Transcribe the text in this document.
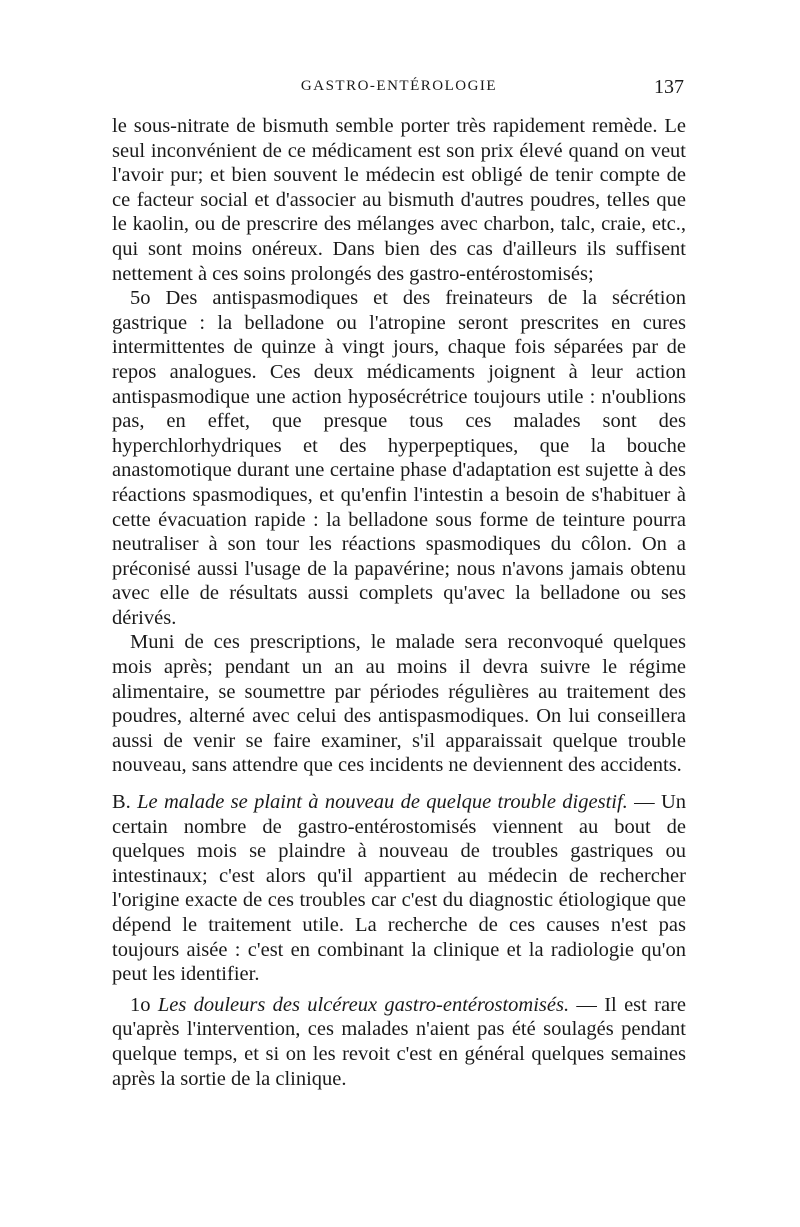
GASTRO-ENTÉROLOGIE	137

le sous-nitrate de bismuth semble porter très rapidement remède. Le seul inconvénient de ce médicament est son prix élevé quand on veut l'avoir pur; et bien souvent le médecin est obligé de tenir compte de ce facteur social et d'associer au bismuth d'autres poudres, telles que le kaolin, ou de prescrire des mélanges avec charbon, talc, craie, etc., qui sont moins onéreux. Dans bien des cas d'ailleurs ils suffisent nettement à ces soins prolongés des gastro-entérostomisés;

5o Des antispasmodiques et des freinateurs de la sécrétion gastrique : la belladone ou l'atropine seront prescrites en cures intermittentes de quinze à vingt jours, chaque fois séparées par de repos analogues. Ces deux médicaments joignent à leur action antispasmodique une action hyposécrétrice toujours utile : n'oublions pas, en effet, que presque tous ces malades sont des hyperchlorhydriques et des hyperpeptiques, que la bouche anastomotique durant une certaine phase d'adaptation est sujette à des réactions spasmodiques, et qu'enfin l'intestin a besoin de s'habituer à cette évacuation rapide : la belladone sous forme de teinture pourra neutraliser à son tour les réactions spasmodiques du côlon. On a préconisé aussi l'usage de la papavérine; nous n'avons jamais obtenu avec elle de résultats aussi complets qu'avec la belladone ou ses dérivés.

Muni de ces prescriptions, le malade sera reconvoqué quelques mois après; pendant un an au moins il devra suivre le régime alimentaire, se soumettre par périodes régulières au traitement des poudres, alterné avec celui des antispasmodiques. On lui conseillera aussi de venir se faire examiner, s'il apparaissait quelque trouble nouveau, sans attendre que ces incidents ne deviennent des accidents.

B. Le malade se plaint à nouveau de quelque trouble digestif. — Un certain nombre de gastro-entérostomisés viennent au bout de quelques mois se plaindre à nouveau de troubles gastriques ou intestinaux; c'est alors qu'il appartient au médecin de rechercher l'origine exacte de ces troubles car c'est du diagnostic étiologique que dépend le traitement utile. La recherche de ces causes n'est pas toujours aisée : c'est en combinant la clinique et la radiologie qu'on peut les identifier.

1o Les douleurs des ulcéreux gastro-entérostomisés. — Il est rare qu'après l'intervention, ces malades n'aient pas été soulagés pendant quelque temps, et si on les revoit c'est en général quelques semaines après la sortie de la clinique.
